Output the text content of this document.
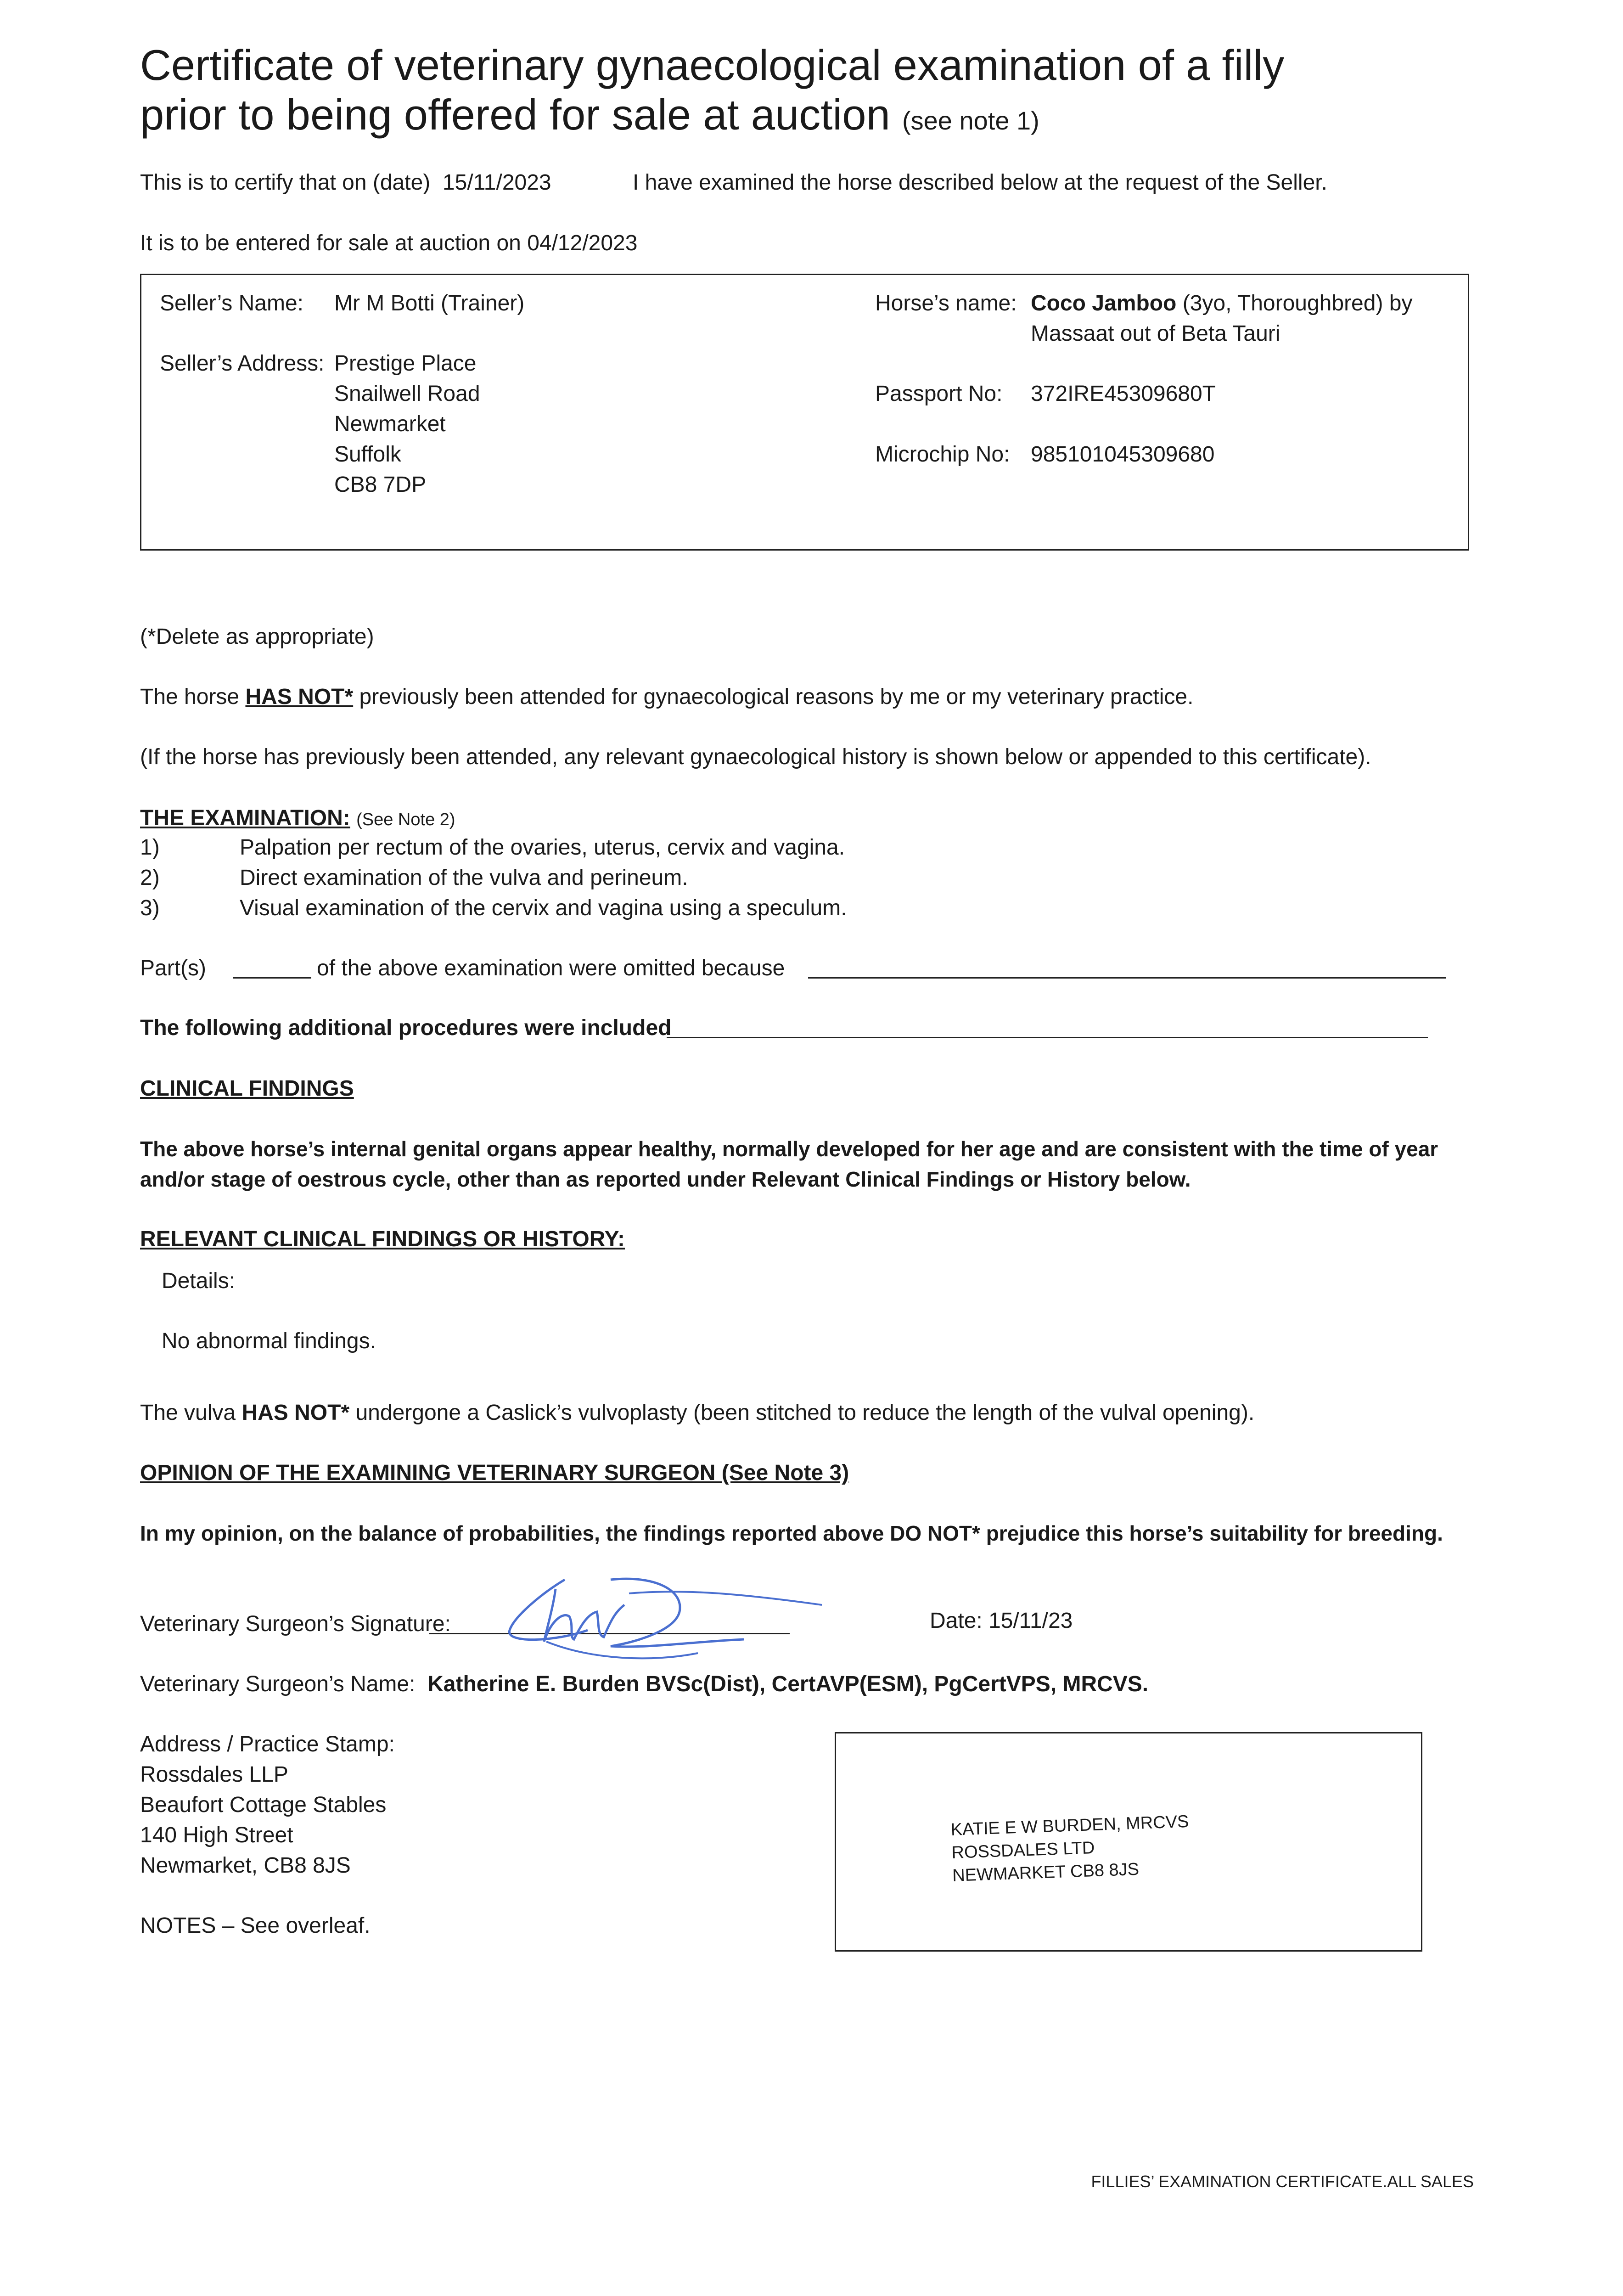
Certificate of veterinary gynaecological examination of a filly
prior to being offered for sale at auction (see note 1)
This is to certify that on (date) 15/11/2023	I have examined the horse described below at the request of the Seller.
It is to be entered for sale at auction on 04/12/2023
Seller’s Name: Mr M Botti (Trainer)
Seller’s Address: Prestige Place
Snailwell Road
Newmarket
Suffolk
CB8 7DP
Horse’s name: Coco Jamboo (3yo, Thoroughbred) by
Massaat out of Beta Tauri
Passport No: 372IRE45309680T
Microchip No: 985101045309680
(*Delete as appropriate)
The horse HAS NOT* previously been attended for gynaecological reasons by me or my veterinary practice.
(If the horse has previously been attended, any relevant gynaecological history is shown below or appended to this certificate).
THE EXAMINATION: (See Note 2)
1)	Palpation per rectum of the ovaries, uterus, cervix and vagina.
2)	Direct examination of the vulva and perineum.
3)	Visual examination of the cervix and vagina using a speculum.
Part(s)	of the above examination were omitted because
The following additional procedures were included
CLINICAL FINDINGS
The above horse’s internal genital organs appear healthy, normally developed for her age and are consistent with the time of year
and/or stage of oestrous cycle, other than as reported under Relevant Clinical Findings or History below.
RELEVANT CLINICAL FINDINGS OR HISTORY:
Details:
No abnormal findings.
The vulva HAS NOT* undergone a Caslick’s vulvoplasty (been stitched to reduce the length of the vulval opening).
OPINION OF THE EXAMINING VETERINARY SURGEON (See Note 3)
In my opinion, on the balance of probabilities, the findings reported above DO NOT* prejudice this horse’s suitability for breeding.
Veterinary Surgeon’s Signature:	Date: 15/11/23
Veterinary Surgeon’s Name: Katherine E. Burden BVSc(Dist), CertAVP(ESM), PgCertVPS, MRCVS.
Address / Practice Stamp:
Rossdales LLP
Beaufort Cottage Stables
140 High Street
Newmarket, CB8 8JS
NOTES – See overleaf.
KATIE E W BURDEN, MRCVS
ROSSDALES LTD
NEWMARKET CB8 8JS
FILLIES’ EXAMINATION CERTIFICATE.ALL SALES
